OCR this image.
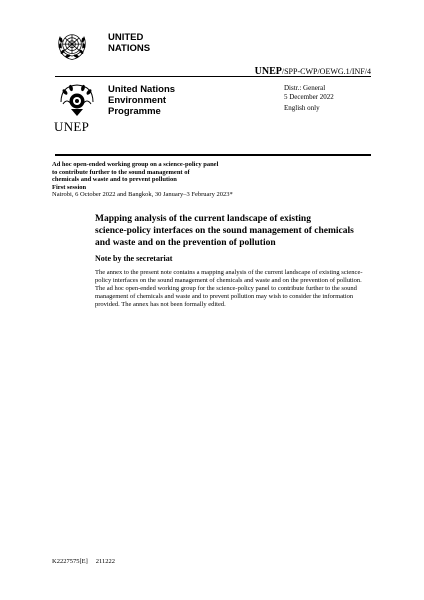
UNITED
NATIONS
UNEP/SPP-CWP/OEWG.1/INF/4
UNEP
United Nations
Environment
Programme
Distr.: General
5 December 2022
English only
Ad hoc open-ended working group on a science-policy panel
to contribute further to the sound management of
chemicals and waste and to prevent pollution
First session
Nairobi, 6 October 2022 and Bangkok, 30 January–3 February 2023*
Mapping analysis of the current landscape of existing
science-policy interfaces on the sound management of chemicals
and waste and on the prevention of pollution
Note by the secretariat
The annex to the present note contains a mapping analysis of the current landscape of existing science-
policy interfaces on the sound management of chemicals and waste and on the prevention of pollution.
The ad hoc open-ended working group for the science-policy panel to contribute further to the sound
management of chemicals and waste and to prevent pollution may wish to consider the information
provided. The annex has not been formally edited.
K2227575[E] 211222
